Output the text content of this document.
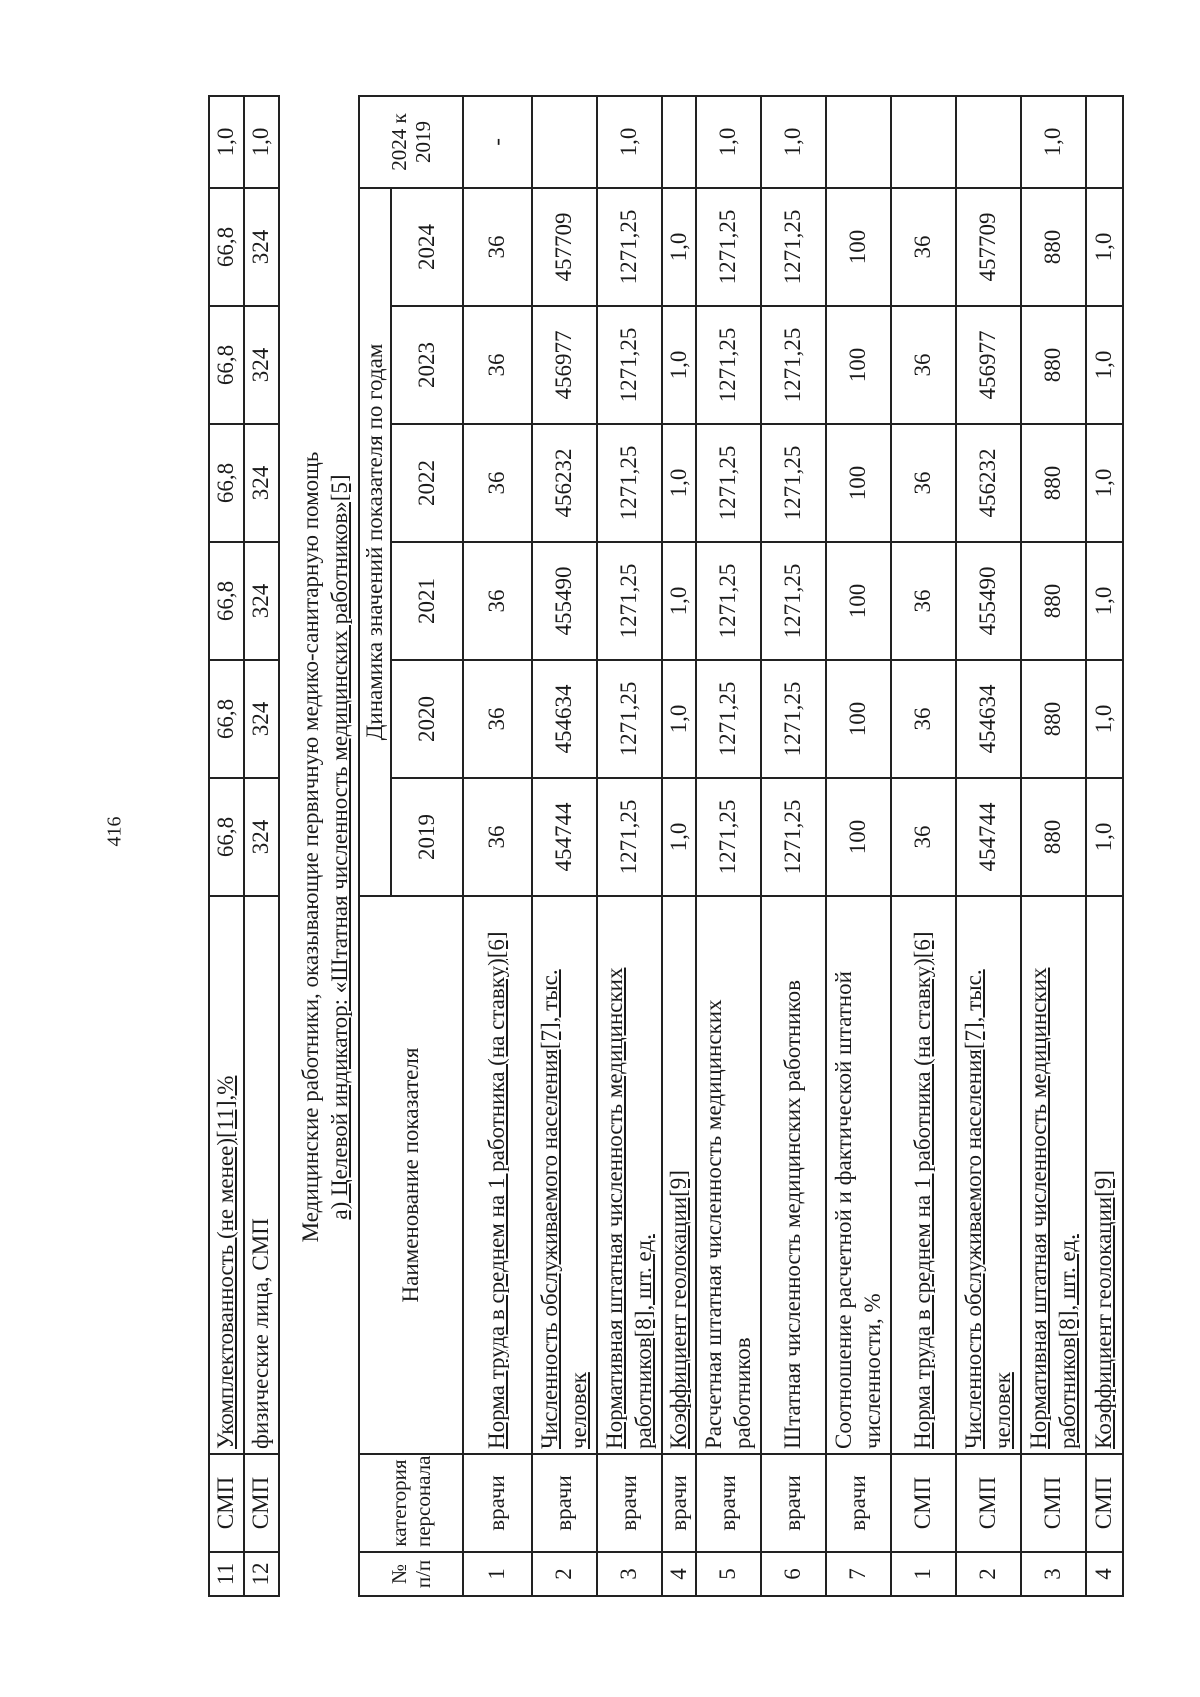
416
11	СМП	Укомплектованность (не менее)[11],%	66,8	66,8	66,8	66,8	66,8	66,8	1,0
12	СМП	физические лица, СМП	324	324	324	324	324	324	1,0
Медицинские работники, оказывающие первичную медико-санитарную помощь а) Целевой индикатор: «Штатная численность медицинских работников»[5]
№ п/п	категория персонала	Наименование показателя	Динамика значений показателя по годам						2024 к 2019
			2019	2020	2021	2022	2023	2024	
1	врачи	Норма труда в среднем на 1 работника (на ставку)[6]	36	36	36	36	36	36	-
2	врачи	Численность обслуживаемого населения[7], тыс. человек	454744	454634	455490	456232	456977	457709	
3	врачи	Нормативная штатная численность медицинских работников[8], шт. ед.	1271,25	1271,25	1271,25	1271,25	1271,25	1271,25	1,0
4	врачи	Коэффициент геолокации[9]	1,0	1,0	1,0	1,0	1,0	1,0	
5	врачи	Расчетная штатная численность медицинских работников	1271,25	1271,25	1271,25	1271,25	1271,25	1271,25	1,0
6	врачи	Штатная численность медицинских работников	1271,25	1271,25	1271,25	1271,25	1271,25	1271,25	1,0
7	врачи	Соотношение расчетной и фактической штатной численности, %	100	100	100	100	100	100	
1	СМП	Норма труда в среднем на 1 работника (на ставку)[6]	36	36	36	36	36	36	
2	СМП	Численность обслуживаемого населения[7], тыс. человек	454744	454634	455490	456232	456977	457709	
3	СМП	Нормативная штатная численность медицинских работников[8], шт. ед.	880	880	880	880	880	880	1,0
4	СМП	Коэффициент геолокации[9]	1,0	1,0	1,0	1,0	1,0	1,0	
